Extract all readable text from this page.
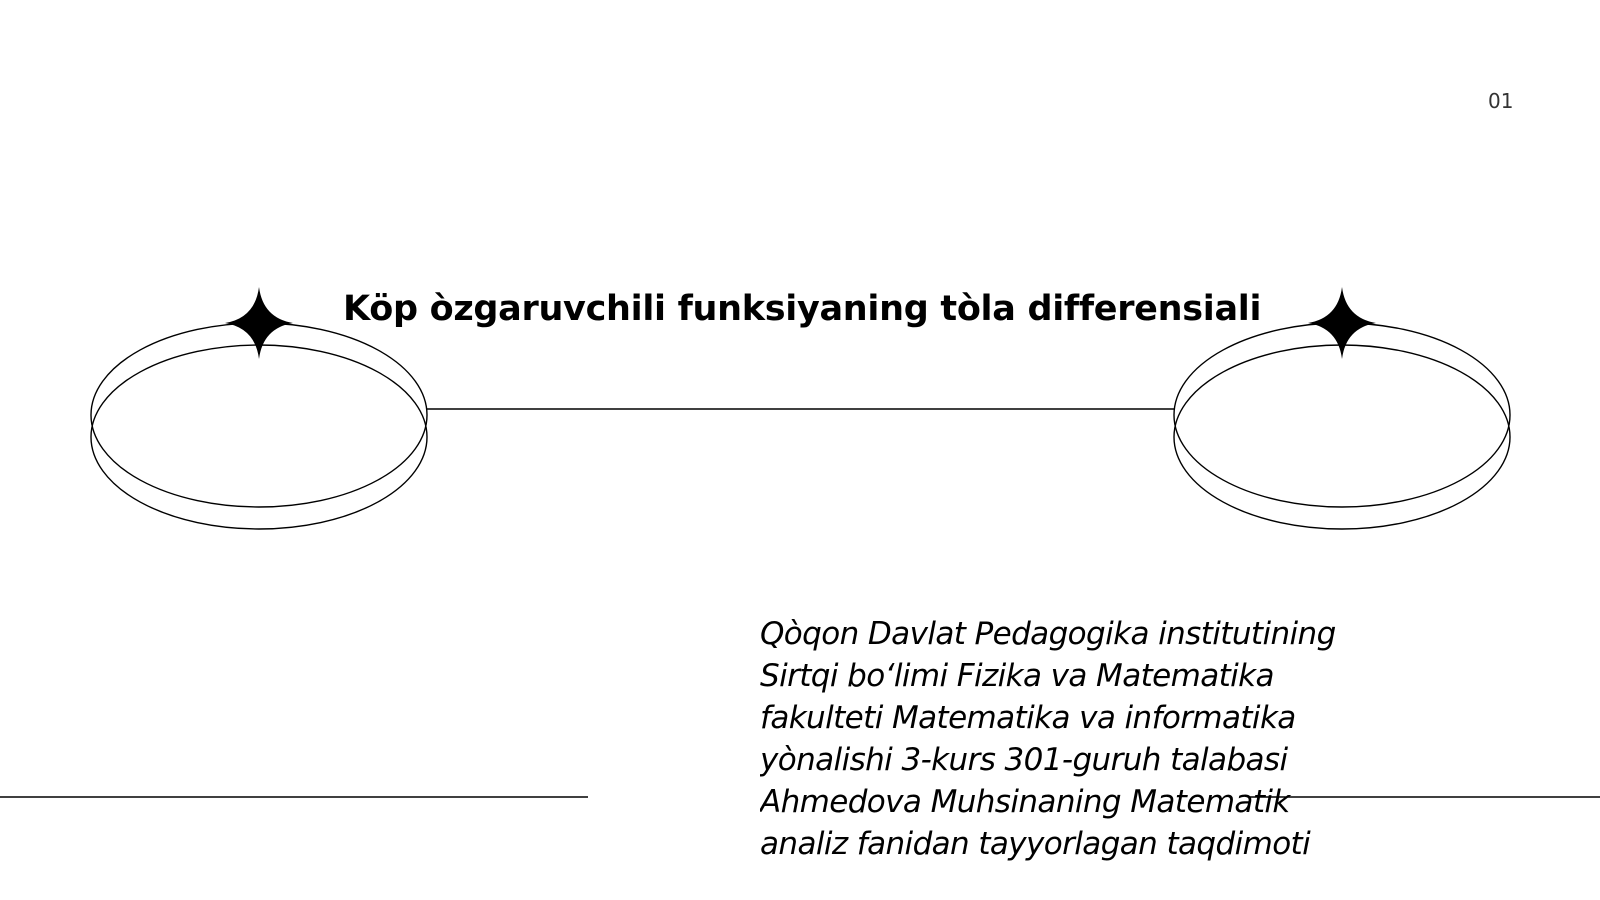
01
Köp òzgaruvchili funksiyaning tòla differensiali

Qòqon Davlat Pedagogika institutining Sirtqi bo‘limi Fizika va Matematika fakulteti Matematika va informatika yònalishi 3-kurs 301-guruh talabasi Ahmedova Muhsinaning Matematik analiz fanidan tayyorlagan taqdimoti
